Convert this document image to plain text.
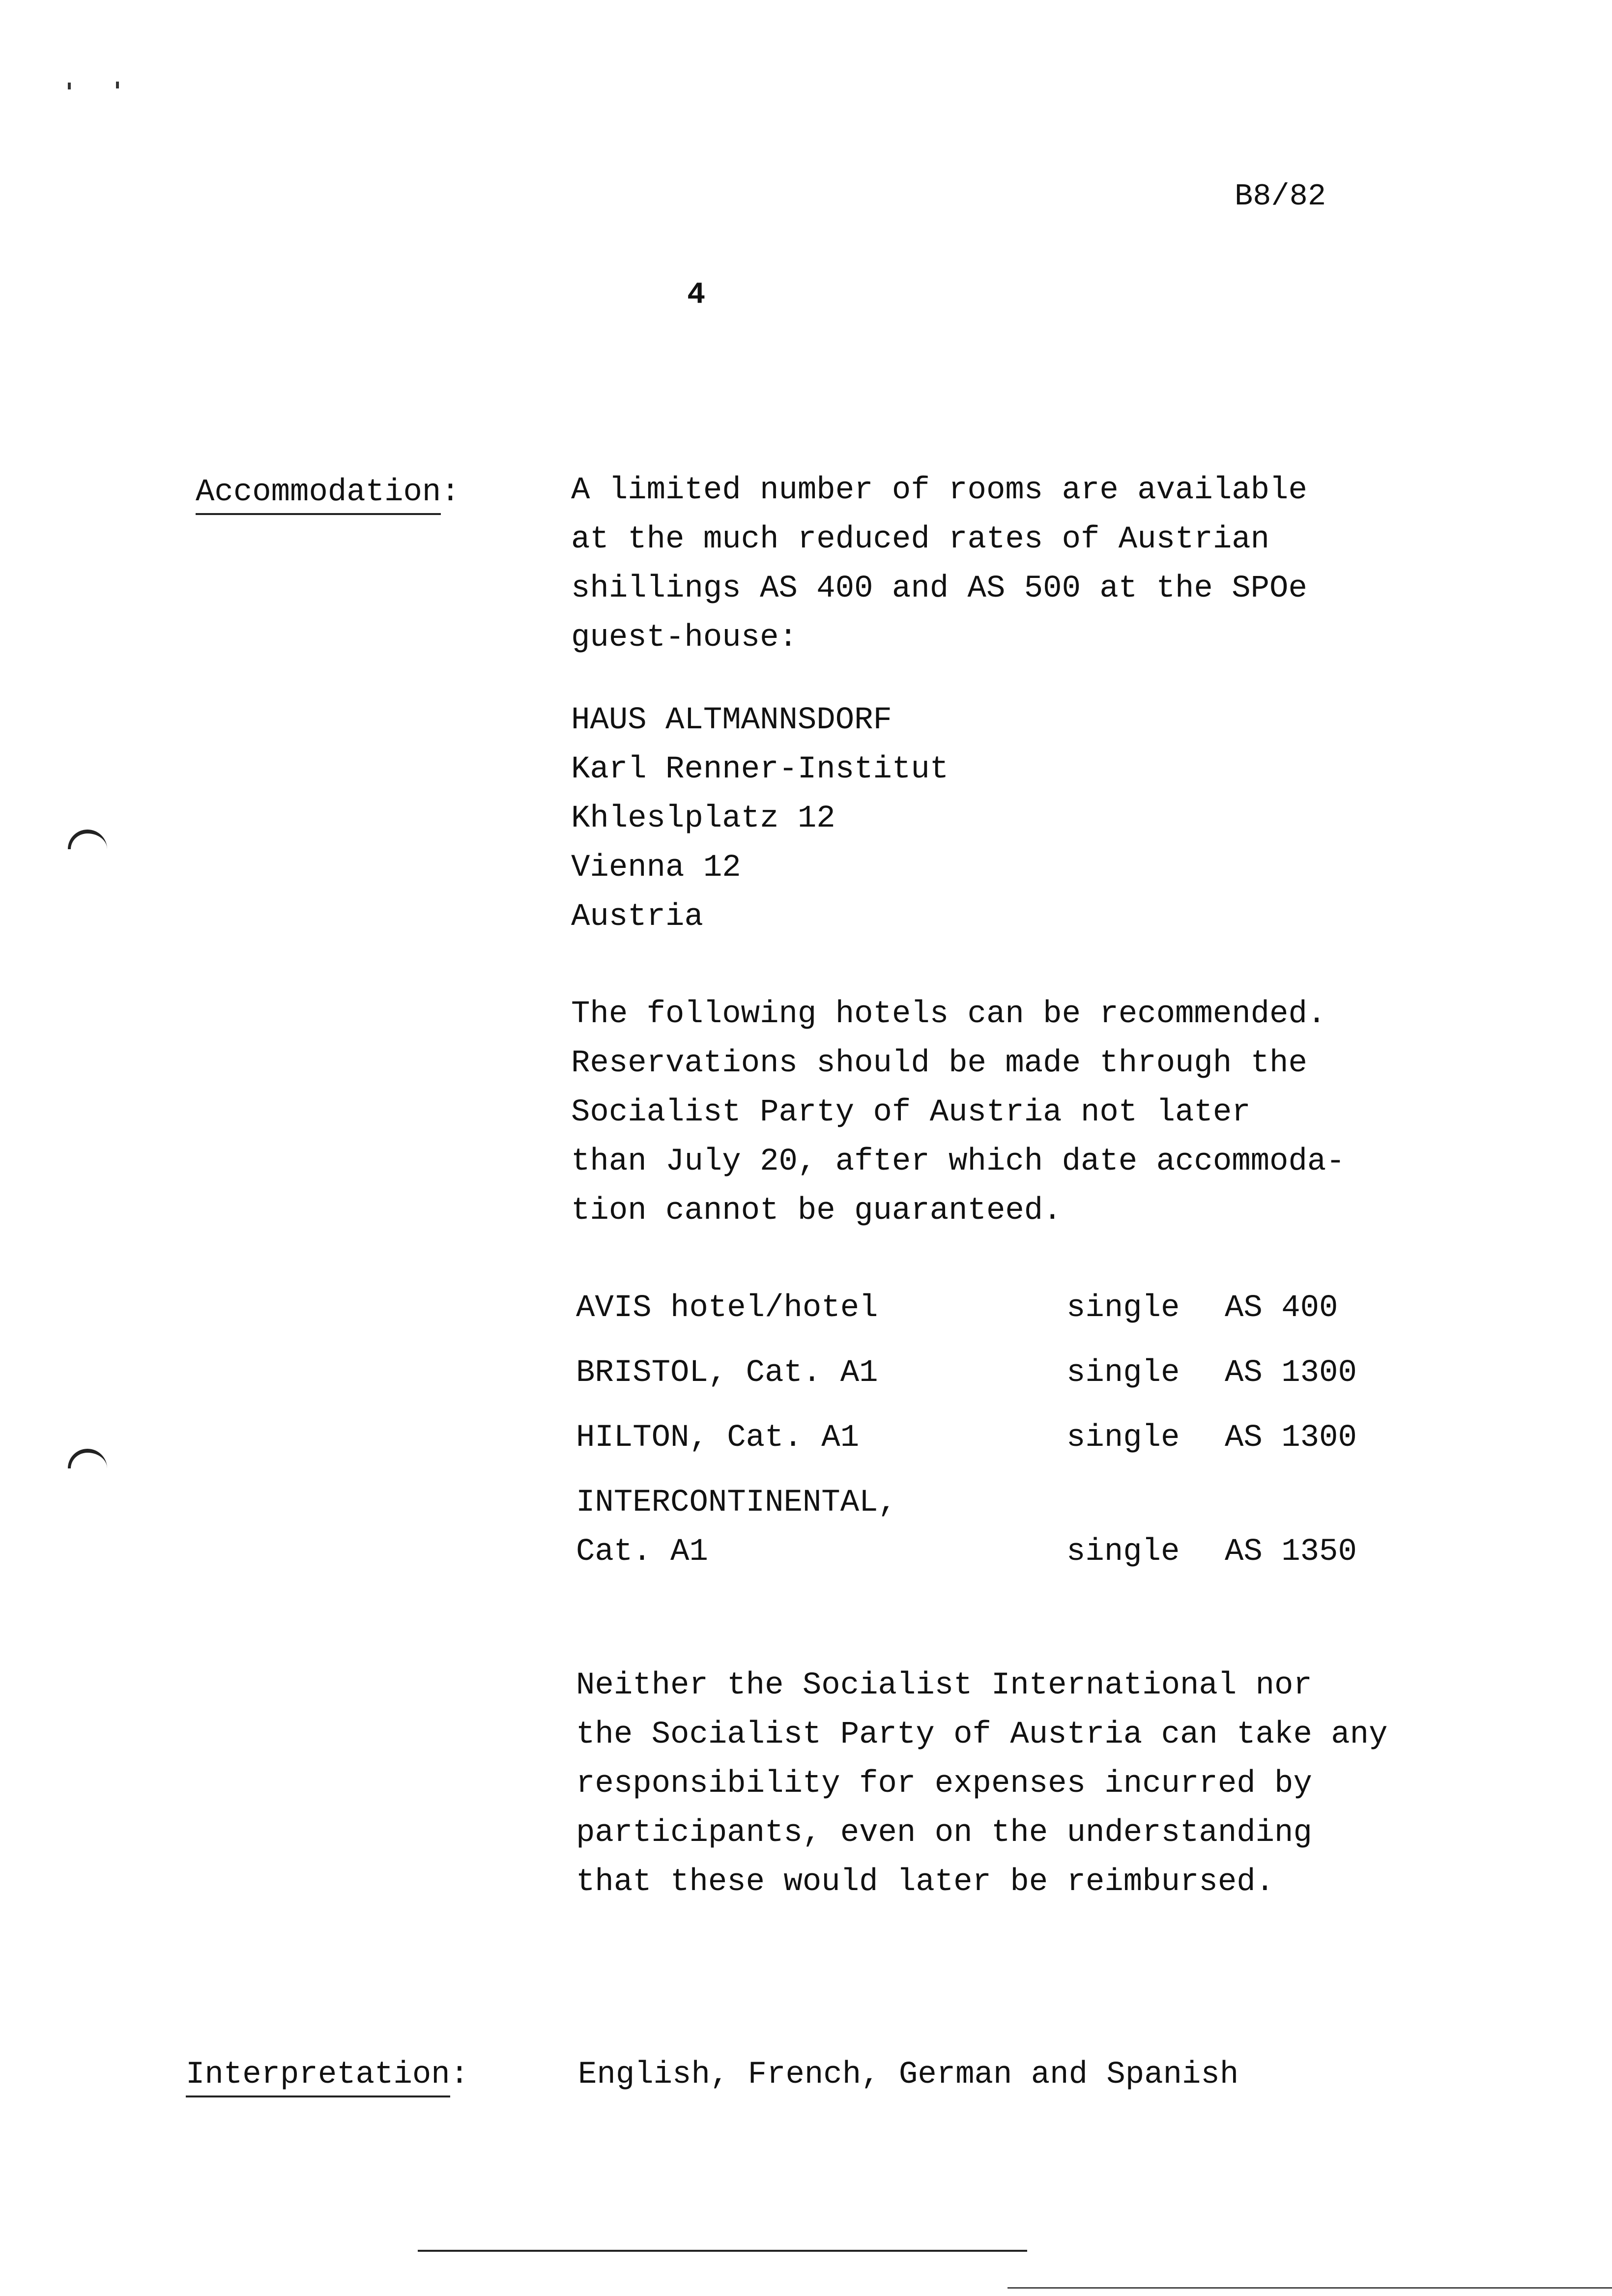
B8/82
4
Accommodation:	A limited number of rooms are available
at the much reduced rates of Austrian
shillings AS 400 and AS 500 at the SPOe
guest-house:
HAUS ALTMANNSDORF
Karl Renner-Institut
Khleslplatz 12
Vienna 12
Austria
The following hotels can be recommended.
Reservations should be made through the
Socialist Party of Austria not later
than July 20, after which date accommoda-
tion cannot be guaranteed.
AVIS hotel/hotel	single AS 400
BRISTOL, Cat. A1	single AS 1300
HILTON, Cat. A1	single AS 1300
INTERCONTINENTAL,
Cat. A1	single AS 1350
Neither the Socialist International nor
the Socialist Party of Austria can take any
responsibility for expenses incurred by
participants, even on the understanding
that these would later be reimbursed.
Interpretation:	English, French, German and Spanish
